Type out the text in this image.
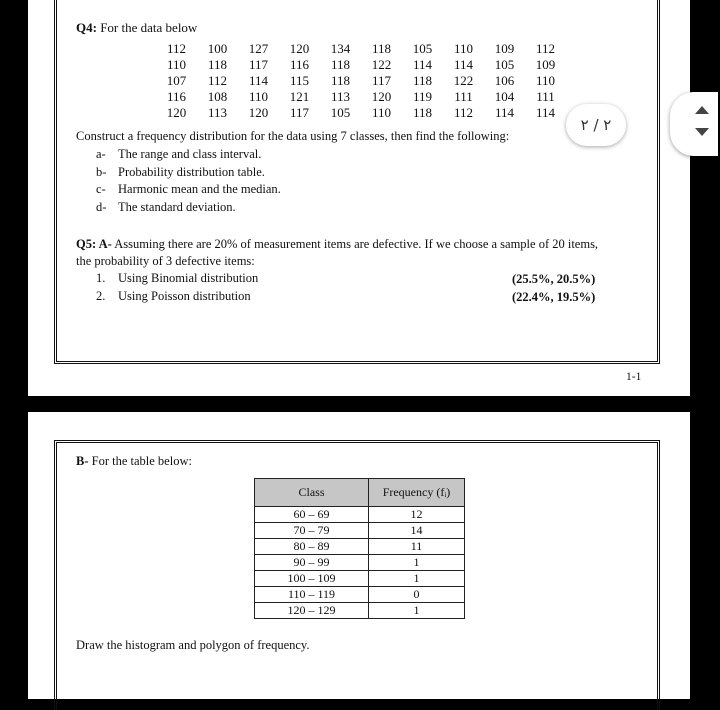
Q4: For the data below
112	100	127	120	134	118	105	110	109	112
110	118	117	116	118	122	114	114	105	109
107	112	114	115	118	117	118	122	106	110
116	108	110	121	113	120	119	111	104	111
120	113	120	117	105	110	118	112	114	114
Construct a frequency distribution for the data using 7 classes, then find the following:
a- The range and class interval.
b- Probability distribution table.
c- Harmonic mean and the median.
d- The standard deviation.
Q5: A- Assuming there are 20% of measurement items are defective. If we choose a sample of 20 items,
the probability of 3 defective items:
1. Using Binomial distribution
2. Using Poisson distribution
(25.5%, 20.5%)
(22.4%, 19.5%)
1-1
B- For the table below:
Class	Frequency (fᵢ)
60 – 69	12
70 – 79	14
80 – 89	11
90 – 99	1
100 – 109	1
110 – 119	0
120 – 129	1
Draw the histogram and polygon of frequency.
٢ / ٢
